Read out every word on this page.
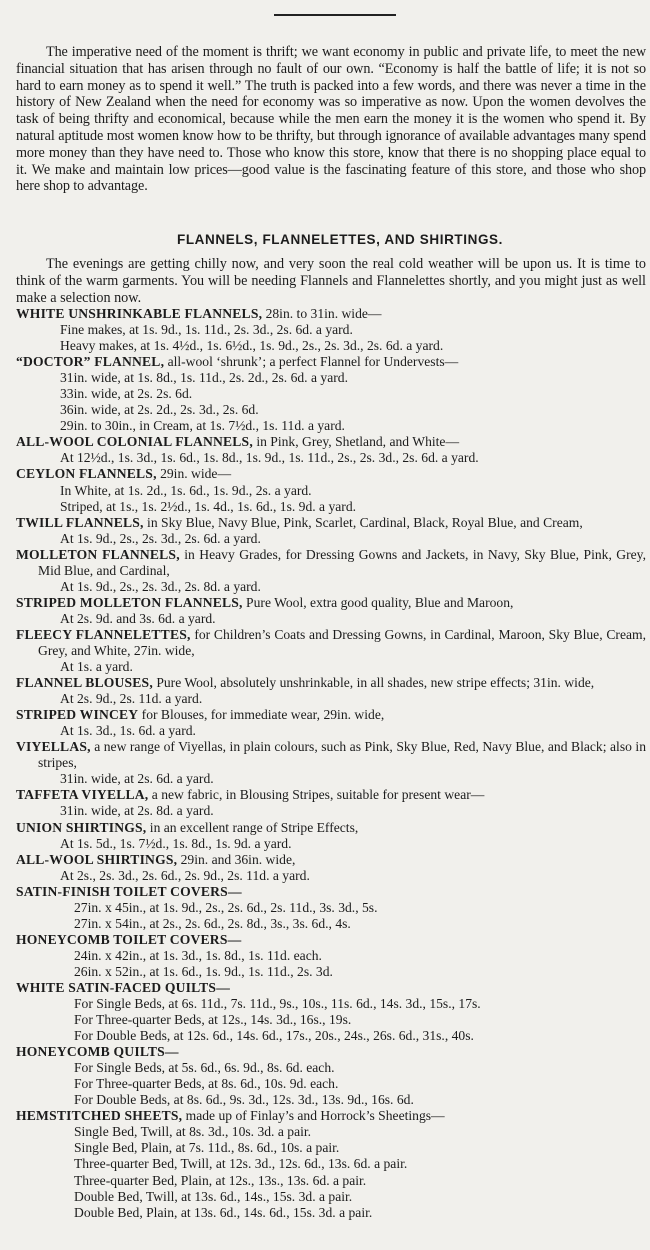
The imperative need of the moment is thrift; we want economy in public and private life, to meet the new financial situation that has arisen through no fault of our own. “Economy is half the battle of life; it is not so hard to earn money as to spend it well.” The truth is packed into a few words, and there was never a time in the history of New Zealand when the need for economy was so imperative as now. Upon the women devolves the task of being thrifty and economical, because while the men earn the money it is the women who spend it. By natural aptitude most women know how to be thrifty, but through ignorance of available advantages many spend more money than they have need to. Those who know this store, know that there is no shopping place equal to it. We make and maintain low prices—good value is the fascinating feature of this store, and those who shop here shop to advantage.

FLANNELS, FLANNELETTES, AND SHIRTINGS.

The evenings are getting chilly now, and very soon the real cold weather will be upon us. It is time to think of the warm garments. You will be needing Flannels and Flannelettes shortly, and you might just as well make a selection now.

WHITE UNSHRINKABLE FLANNELS, 28in. to 31in. wide—

Fine makes, at 1s. 9d., 1s. 11d., 2s. 3d., 2s. 6d. a yard.

Heavy makes, at 1s. 4½d., 1s. 6½d., 1s. 9d., 2s., 2s. 3d., 2s. 6d. a yard.

“DOCTOR” FLANNEL, all-wool ‘shrunk’; a perfect Flannel for Undervests—

31in. wide, at 1s. 8d., 1s. 11d., 2s. 2d., 2s. 6d. a yard.

33in. wide, at 2s. 2s. 6d.

36in. wide, at 2s. 2d., 2s. 3d., 2s. 6d.

29in. to 30in., in Cream, at 1s. 7½d., 1s. 11d. a yard.

ALL-WOOL COLONIAL FLANNELS, in Pink, Grey, Shetland, and White—

At 12½d., 1s. 3d., 1s. 6d., 1s. 8d., 1s. 9d., 1s. 11d., 2s., 2s. 3d., 2s. 6d. a yard.

CEYLON FLANNELS, 29in. wide—

In White, at 1s. 2d., 1s. 6d., 1s. 9d., 2s. a yard.

Striped, at 1s., 1s. 2½d., 1s. 4d., 1s. 6d., 1s. 9d. a yard.

TWILL FLANNELS, in Sky Blue, Navy Blue, Pink, Scarlet, Cardinal, Black, Royal Blue, and Cream,

At 1s. 9d., 2s., 2s. 3d., 2s. 6d. a yard.

MOLLETON FLANNELS, in Heavy Grades, for Dressing Gowns and Jackets, in Navy, Sky Blue, Pink, Grey, Mid Blue, and Cardinal,

At 1s. 9d., 2s., 2s. 3d., 2s. 8d. a yard.

STRIPED MOLLETON FLANNELS, Pure Wool, extra good quality, Blue and Maroon,

At 2s. 9d. and 3s. 6d. a yard.

FLEECY FLANNELETTES, for Children’s Coats and Dressing Gowns, in Cardinal, Maroon, Sky Blue, Cream, Grey, and White, 27in. wide,

At 1s. a yard.

FLANNEL BLOUSES, Pure Wool, absolutely unshrinkable, in all shades, new stripe effects; 31in. wide,

At 2s. 9d., 2s. 11d. a yard.

STRIPED WINCEY for Blouses, for immediate wear, 29in. wide,

At 1s. 3d., 1s. 6d. a yard.

VIYELLAS, a new range of Viyellas, in plain colours, such as Pink, Sky Blue, Red, Navy Blue, and Black; also in stripes,

31in. wide, at 2s. 6d. a yard.

TAFFETA VIYELLA, a new fabric, in Blousing Stripes, suitable for present wear—

31in. wide, at 2s. 8d. a yard.

UNION SHIRTINGS, in an excellent range of Stripe Effects,

At 1s. 5d., 1s. 7½d., 1s. 8d., 1s. 9d. a yard.

ALL-WOOL SHIRTINGS, 29in. and 36in. wide,

At 2s., 2s. 3d., 2s. 6d., 2s. 9d., 2s. 11d. a yard.

SATIN-FINISH TOILET COVERS—

27in. x 45in., at 1s. 9d., 2s., 2s. 6d., 2s. 11d., 3s. 3d., 5s.

27in. x 54in., at 2s., 2s. 6d., 2s. 8d., 3s., 3s. 6d., 4s.

HONEYCOMB TOILET COVERS—

24in. x 42in., at 1s. 3d., 1s. 8d., 1s. 11d. each.

26in. x 52in., at 1s. 6d., 1s. 9d., 1s. 11d., 2s. 3d.

WHITE SATIN-FACED QUILTS—

For Single Beds, at 6s. 11d., 7s. 11d., 9s., 10s., 11s. 6d., 14s. 3d., 15s., 17s.

For Three-quarter Beds, at 12s., 14s. 3d., 16s., 19s.

For Double Beds, at 12s. 6d., 14s. 6d., 17s., 20s., 24s., 26s. 6d., 31s., 40s.

HONEYCOMB QUILTS—

For Single Beds, at 5s. 6d., 6s. 9d., 8s. 6d. each.

For Three-quarter Beds, at 8s. 6d., 10s. 9d. each.

For Double Beds, at 8s. 6d., 9s. 3d., 12s. 3d., 13s. 9d., 16s. 6d.

HEMSTITCHED SHEETS, made up of Finlay’s and Horrock’s Sheetings—

Single Bed, Twill, at 8s. 3d., 10s. 3d. a pair.

Single Bed, Plain, at 7s. 11d., 8s. 6d., 10s. a pair.

Three-quarter Bed, Twill, at 12s. 3d., 12s. 6d., 13s. 6d. a pair.

Three-quarter Bed, Plain, at 12s., 13s., 13s. 6d. a pair.

Double Bed, Twill, at 13s. 6d., 14s., 15s. 3d. a pair.

Double Bed, Plain, at 13s. 6d., 14s. 6d., 15s. 3d. a pair.
